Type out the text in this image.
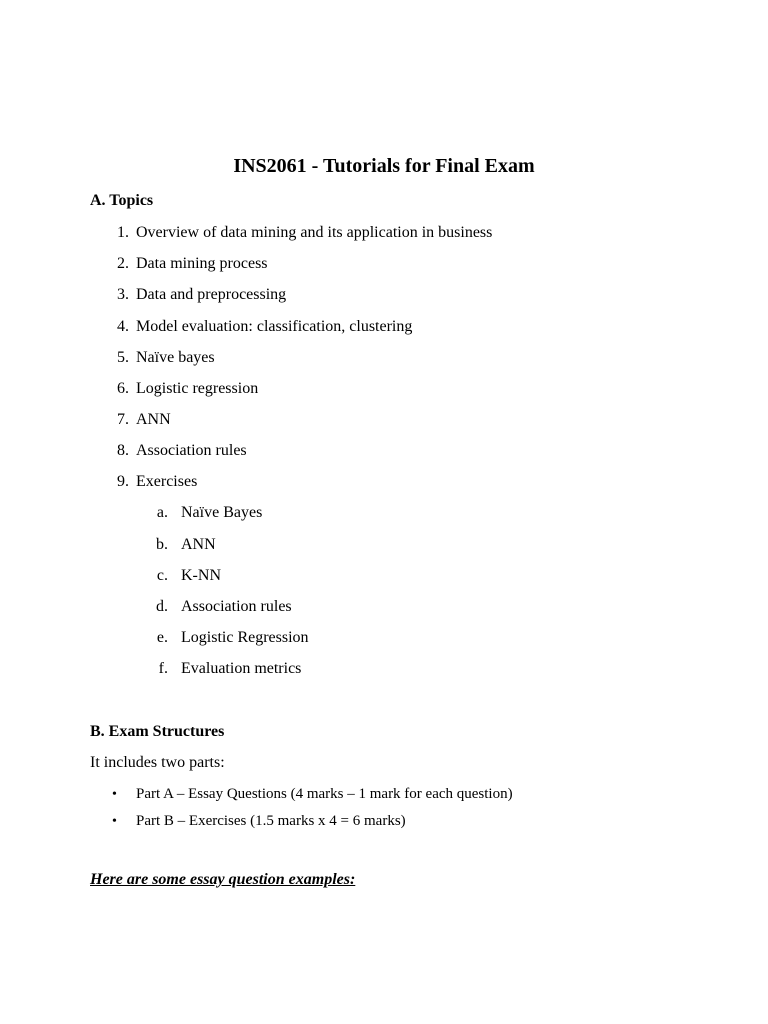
INS2061 - Tutorials for Final Exam
A. Topics
1. Overview of data mining and its application in business
2. Data mining process
3. Data and preprocessing
4. Model evaluation: classification, clustering
5. Naïve bayes
6. Logistic regression
7. ANN
8. Association rules
9. Exercises
a. Naïve Bayes
b. ANN
c. K-NN
d. Association rules
e. Logistic Regression
f. Evaluation metrics
B. Exam Structures
It includes two parts:
• Part A – Essay Questions (4 marks – 1 mark for each question)
• Part B – Exercises (1.5 marks x 4 = 6 marks)
Here are some essay question examples:
